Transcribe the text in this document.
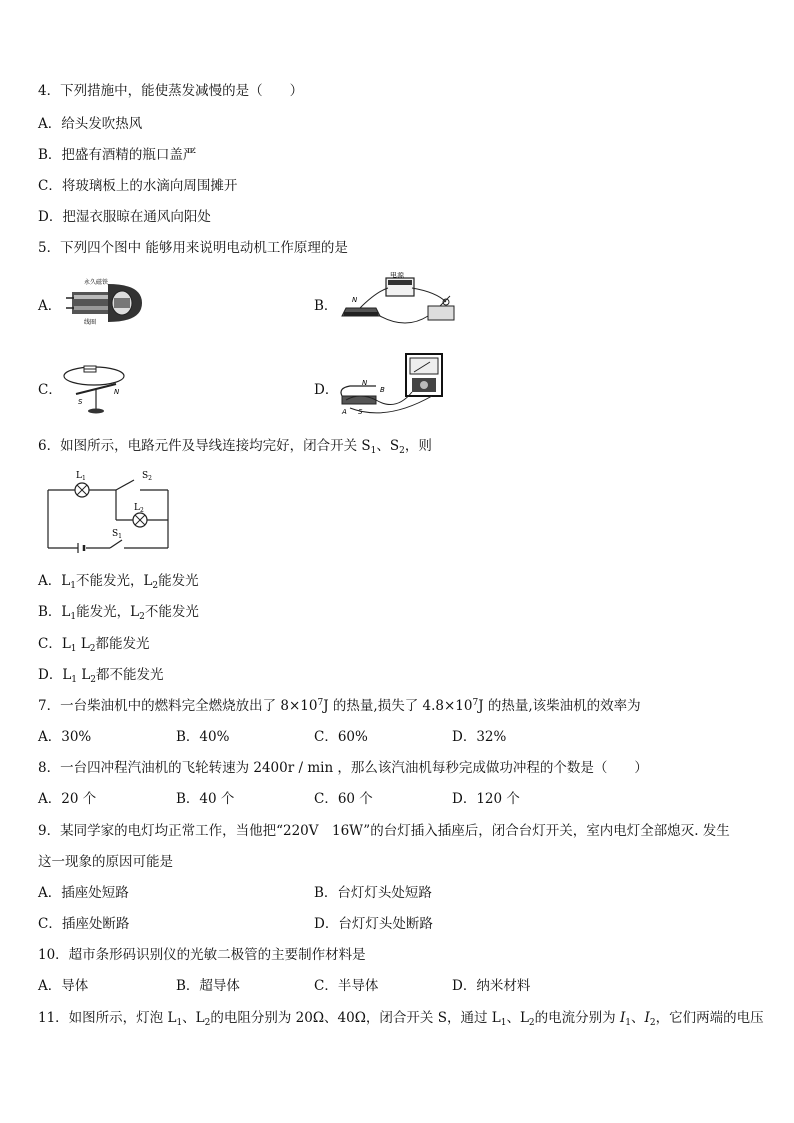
4．下列措施中，能使蒸发减慢的是（　　）
A．给头发吹热风
B．把盛有酒精的瓶口盖严
C．将玻璃板上的水滴向周围摊开
D．把湿衣服晾在通风向阳处
5．下列四个图中 能够用来说明电动机工作原理的是
A．	B．
C．	D．
永久磁铁
线圈
电源
N
S
N
N
S
A
B
6．如图所示，电路元件及导线连接均完好，闭合开关 $S_1$、$S_2$，则
$L_1$
$L_2$
$S_2$
$S_1$
A．$L_1$不能发光，$L_2$能发光
B．$L_1$能发光，$L_2$不能发光
C．$L_1$ $L_2$都能发光
D．$L_1$ $L_2$都不能发光
7．一台柴油机中的燃料完全燃烧放出了 $8\times 10^7J$ 的热量,损失了 $4.8\times 10^7J$ 的热量,该柴油机的效率为
A．30%	B．40%	C．60%	D．32%
8．一台四冲程汽油机的飞轮转速为 2400r / min ，那么该汽油机每秒完成做功冲程的个数是（　　）
A．20 个	B．40 个	C．60 个	D．120 个
9．某同学家的电灯均正常工作，当他把“220V　16W”的台灯插入插座后，闭合台灯开关，室内电灯全部熄灭. 发生
这一现象的原因可能是
A．插座处短路	B．台灯灯头处短路
C．插座处断路	D．台灯灯头处断路
10．超市条形码识别仪的光敏二极管的主要制作材料是
A．导体	B．超导体	C．半导体	D．纳米材料
11．如图所示，灯泡 $L_1$、$L_2$的电阻分别为 20Ω、40Ω，闭合开关 S，通过 $L_1$、$L_2$的电流分别为 $I_1$、$I_2$，它们两端的电压
